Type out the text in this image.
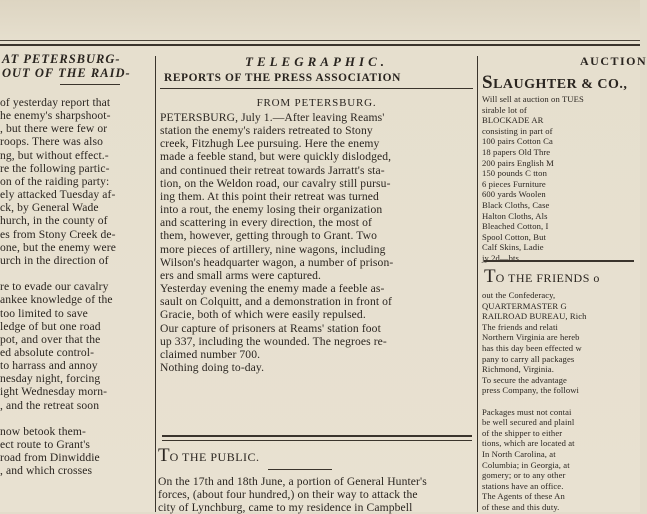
AT PETERSBURG-
OUT OF THE RAID-
of yesterday report that
he enemy's sharpshoot-
, but there were few or
roops. There was also
ng, but without effect.-
re the following partic-
on of the raiding party:
ely attacked Tuesday af-
ck, by General Wade
hurch, in the county of
es from Stony Creek de-
one, but the enemy were
urch in the direction of

re to evade our cavalry
ankee knowledge of the
too limited to save
ledge of but one road
pot, and over that the
ed absolute control-
to harrass and annoy
nesday night, forcing
ight Wednesday morn-
, and the retreat soon

now betook them-
ect route to Grant's
road from Dinwiddie
, and which crosses
TELEGRAPHIC.
REPORTS OF THE PRESS ASSOCIATION
FROM PETERSBURG.
PETERSBURG, July 1.—After leaving Reams'
station the enemy's raiders retreated to Stony
creek, Fitzhugh Lee pursuing. Here the enemy
made a feeble stand, but were quickly dislodged,
and continued their retreat towards Jarratt's sta-
tion, on the Weldon road, our cavalry still pursu-
ing them. At this point their retreat was turned
into a rout, the enemy losing their organization
and scattering in every direction, the most of
them, however, getting through to Grant. Two
more pieces of artillery, nine wagons, including
Wilson's headquarter wagon, a number of prison-
ers and small arms were captured.
Yesterday evening the enemy made a feeble as-
sault on Colquitt, and a demonstration in front of
Gracie, both of which were easily repulsed.
Our capture of prisoners at Reams' station foot
up 337, including the wounded. The negroes re-
claimed number 700.
Nothing doing to-day.
TO THE PUBLIC.
On the 17th and 18th June, a portion of General Hunter's
forces, (about four hundred,) on their way to attack the
city of Lynchburg, came to my residence in Campbell
AUCTION
SLAUGHTER & CO.,
Will sell at auction on TUES
sirable lot of
BLOCKADE AR
consisting in part of
100 pairs Cotton Ca
18 papers Old Thre
200 pairs English M
150 pounds C tton
6 pieces Furniture
600 yards Woolen
Black Cloths, Case
Halton Cloths, Als
Bleached Cotton, I
Spool Cotton, But
Calf Skins, Ladie
jy 2d—bts
TO THE FRIENDS o
out the Confederacy,
QUARTERMASTER G
RAILROAD BUREAU, Rich
The friends and relati
Northern Virginia are hereb
has this day been effected w
pany to carry all packages
Richmond, Virginia.
To secure the advantage
press Company, the followi

Packages must not contai
be well secured and plainl
of the shipper to either
tions, which are located at
In North Carolina, at
Columbia; in Georgia, at
gomery; or to any other
stations have an office.
The Agents of these An
of these and this duty.
